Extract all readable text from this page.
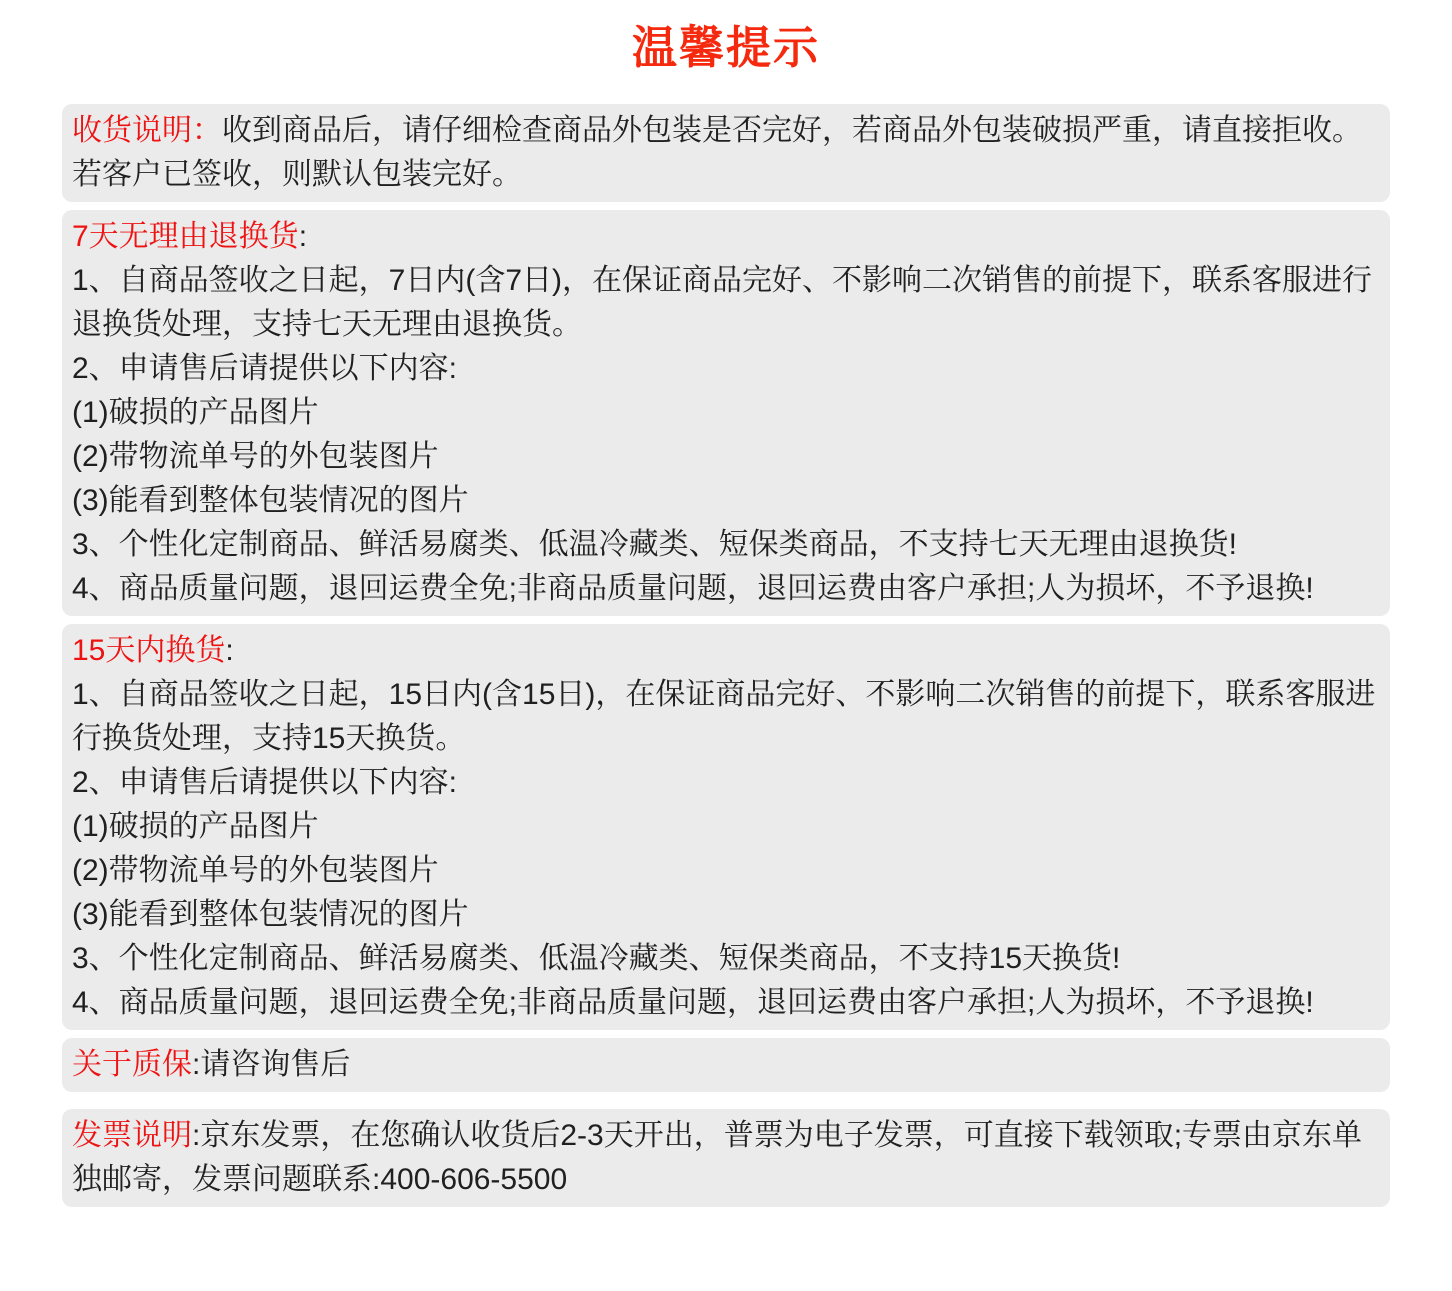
温馨提示

收货说明：收到商品后，请仔细检查商品外包装是否完好，若商品外包装破损严重，请直接拒收。若客户已签收，则默认包装完好。

7天无理由退换货:

1、自商品签收之日起，7日内(含7日)，在保证商品完好、不影响二次销售的前提下，联系客服进行退换货处理，支持七天无理由退换货。

2、申请售后请提供以下内容:

(1)破损的产品图片

(2)带物流单号的外包装图片

(3)能看到整体包装情况的图片

3、个性化定制商品、鲜活易腐类、低温冷藏类、短保类商品，不支持七天无理由退换货!

4、商品质量问题，退回运费全免;非商品质量问题，退回运费由客户承担;人为损坏，不予退换!

15天内换货:

1、自商品签收之日起，15日内(含15日)，在保证商品完好、不影响二次销售的前提下，联系客服进行换货处理，支持15天换货。

2、申请售后请提供以下内容:

(1)破损的产品图片

(2)带物流单号的外包装图片

(3)能看到整体包装情况的图片

3、个性化定制商品、鲜活易腐类、低温冷藏类、短保类商品，不支持15天换货!

4、商品质量问题，退回运费全免;非商品质量问题，退回运费由客户承担;人为损坏，不予退换!

关于质保:请咨询售后

发票说明:京东发票，在您确认收货后2-3天开出，普票为电子发票，可直接下载领取;专票由京东单独邮寄，发票问题联系:400-606-5500
